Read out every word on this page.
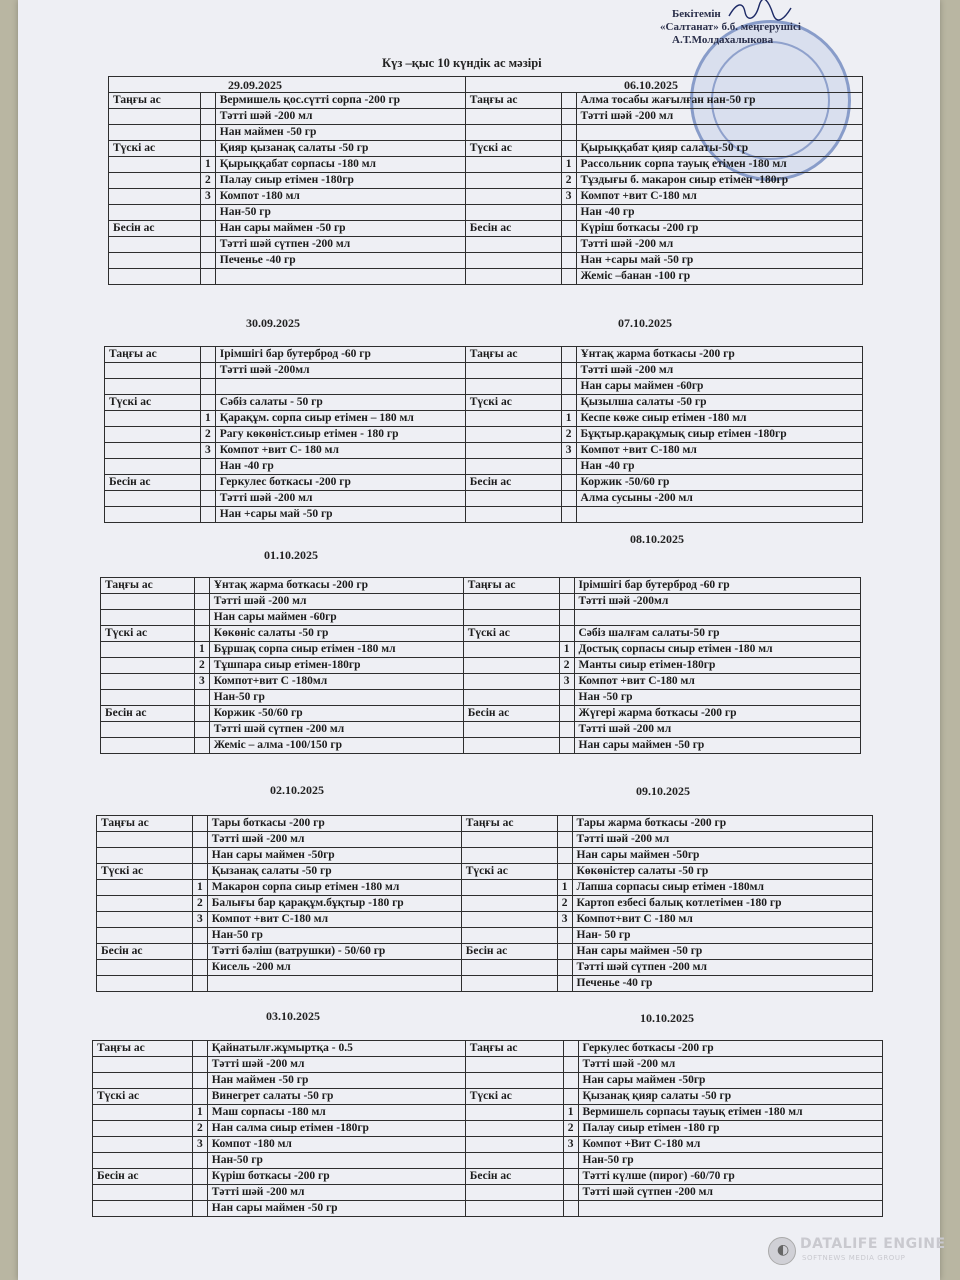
Бекітемін
«Салтанат» б.б. меңгерушісі
А.Т.Молдахалыкова
Күз –қыс 10 күндік ас мәзірі

Таңғы ас		Вермишель қос.сүтті сорпа -200 гр	Таңғы ас		Алма тосабы жағылған нан-50 гр
		Тәтті шәй -200 мл			Тәтті шәй -200 мл
		Нан маймен -50 гр			
Түскі ас		Қияр қызанақ салаты -50 гр	Түскі ас		Қырыққабат қияр салаты-50 гр
	1	Қырыққабат сорпасы -180 мл		1	Рассольник сорпа тауық етімен -180 мл
	2	Палау сиыр етімен -180гр		2	Тұздығы б. макарон сиыр етімен -180гр
	3	Компот -180 мл		3	Компот +вит С-180 мл
		Нан-50 гр			Нан -40 гр
Бесін ас		Нан сары маймен -50 гр	Бесін ас		Күріш боткасы -200 гр
		Тәтті шәй сүтпен -200 мл			Тәтті шәй -200 мл
		Печенье -40 гр			Нан +сары май -50 гр
					Жеміс –банан -100 гр
Таңғы ас		Ірімшігі бар бутерброд -60 гр	Таңғы ас		Ұнтақ жарма боткасы -200 гр
		Тәтті шәй -200мл			Тәтті шәй -200 мл
					Нан сары маймен -60гр
Түскі ас		Сәбіз салаты - 50 гр	Түскі ас		Қызылша салаты -50 гр
	1	Қарақұм. сорпа сиыр етімен – 180 мл		1	Кеспе көже сиыр етімен -180 мл
	2	Рагу көкөніст.сиыр етімен - 180 гр		2	Бұқтыр.қарақұмық сиыр етімен -180гр
	3	Компот +вит С- 180 мл		3	Компот +вит С-180 мл
		Нан -40 гр			Нан -40 гр
Бесін ас		Геркулес боткасы -200 гр	Бесін ас		Коржик -50/60 гр
		Тәтті шәй -200 мл			Алма сусыны -200 мл
		Нан +сары май -50 гр			
Таңғы ас		Ұнтақ жарма боткасы -200 гр	Таңғы ас		Ірімшігі бар бутерброд -60 гр
		Тәтті шәй -200 мл			Тәтті шәй -200мл
		Нан сары маймен -60гр			
Түскі ас		Көкөніс салаты -50 гр	Түскі ас		Сәбіз шалғам салаты-50 гр
	1	Бұршақ сорпа сиыр етімен -180 мл		1	Достық сорпасы сиыр етімен -180 мл
	2	Тұшпара сиыр етімен-180гр		2	Манты сиыр етімен-180гр
	3	Компот+вит С -180мл		3	Компот +вит С-180 мл
		Нан-50 гр			Нан -50 гр
Бесін ас		Коржик -50/60 гр	Бесін ас		Жүгері жарма боткасы -200 гр
		Тәтті шәй сүтпен -200 мл			Тәтті шәй -200 мл
		Жеміс – алма -100/150 гр			Нан сары маймен -50 гр
Таңғы ас		Тары боткасы -200 гр	Таңғы ас		Тары жарма боткасы -200 гр
		Тәтті шәй -200 мл			Тәтті шәй -200 мл
		Нан сары маймен -50гр			Нан сары маймен -50гр
Түскі ас		Қызанақ салаты -50 гр	Түскі ас		Көкөністер салаты -50 гр
	1	Макарон сорпа сиыр етімен -180 мл		1	Лапша сорпасы сиыр етімен -180мл
	2	Балығы бар қарақұм.бұқтыр -180 гр		2	Картоп езбесі балық котлетімен -180 гр
	3	Компот +вит С-180 мл		3	Компот+вит С -180 мл
		Нан-50 гр			Нан- 50 гр
Бесін ас		Тәтті бәліш (ватрушки) - 50/60 гр	Бесін ас		Нан сары маймен -50 гр
		Кисель -200 мл			Тәтті шәй сүтпен -200 мл
					Печенье -40 гр
Таңғы ас		Қайнатылғ.жұмыртқа - 0.5	Таңғы ас		Геркулес боткасы -200 гр
		Тәтті шәй -200 мл			Тәтті шәй -200 мл
		Нан маймен -50 гр			Нан сары маймен -50гр
Түскі ас		Винегрет салаты -50 гр	Түскі ас		Қызанақ қияр салаты -50 гр
	1	Маш сорпасы -180 мл		1	Вермишель сорпасы тауық етімен -180 мл
	2	Нан салма сиыр етімен -180гр		2	Палау сиыр етімен -180 гр
	3	Компот -180 мл		3	Компот +Вит С-180 мл
		Нан-50 гр			Нан-50 гр
Бесін ас		Күріш боткасы -200 гр	Бесін ас		Тәтті күлше (пирог) -60/70 гр
		Тәтті шәй -200 мл			Тәтті шәй сүтпен -200 мл
		Нан сары маймен -50 гр			
29.09.2025	06.10.2025
30.09.2025	07.10.2025
01.10.2025
08.10.2025
02.10.2025	09.10.2025
03.10.2025	10.10.2025
◐ DATALIFE ENGINE
SOFTNEWS MEDIA GROUP
